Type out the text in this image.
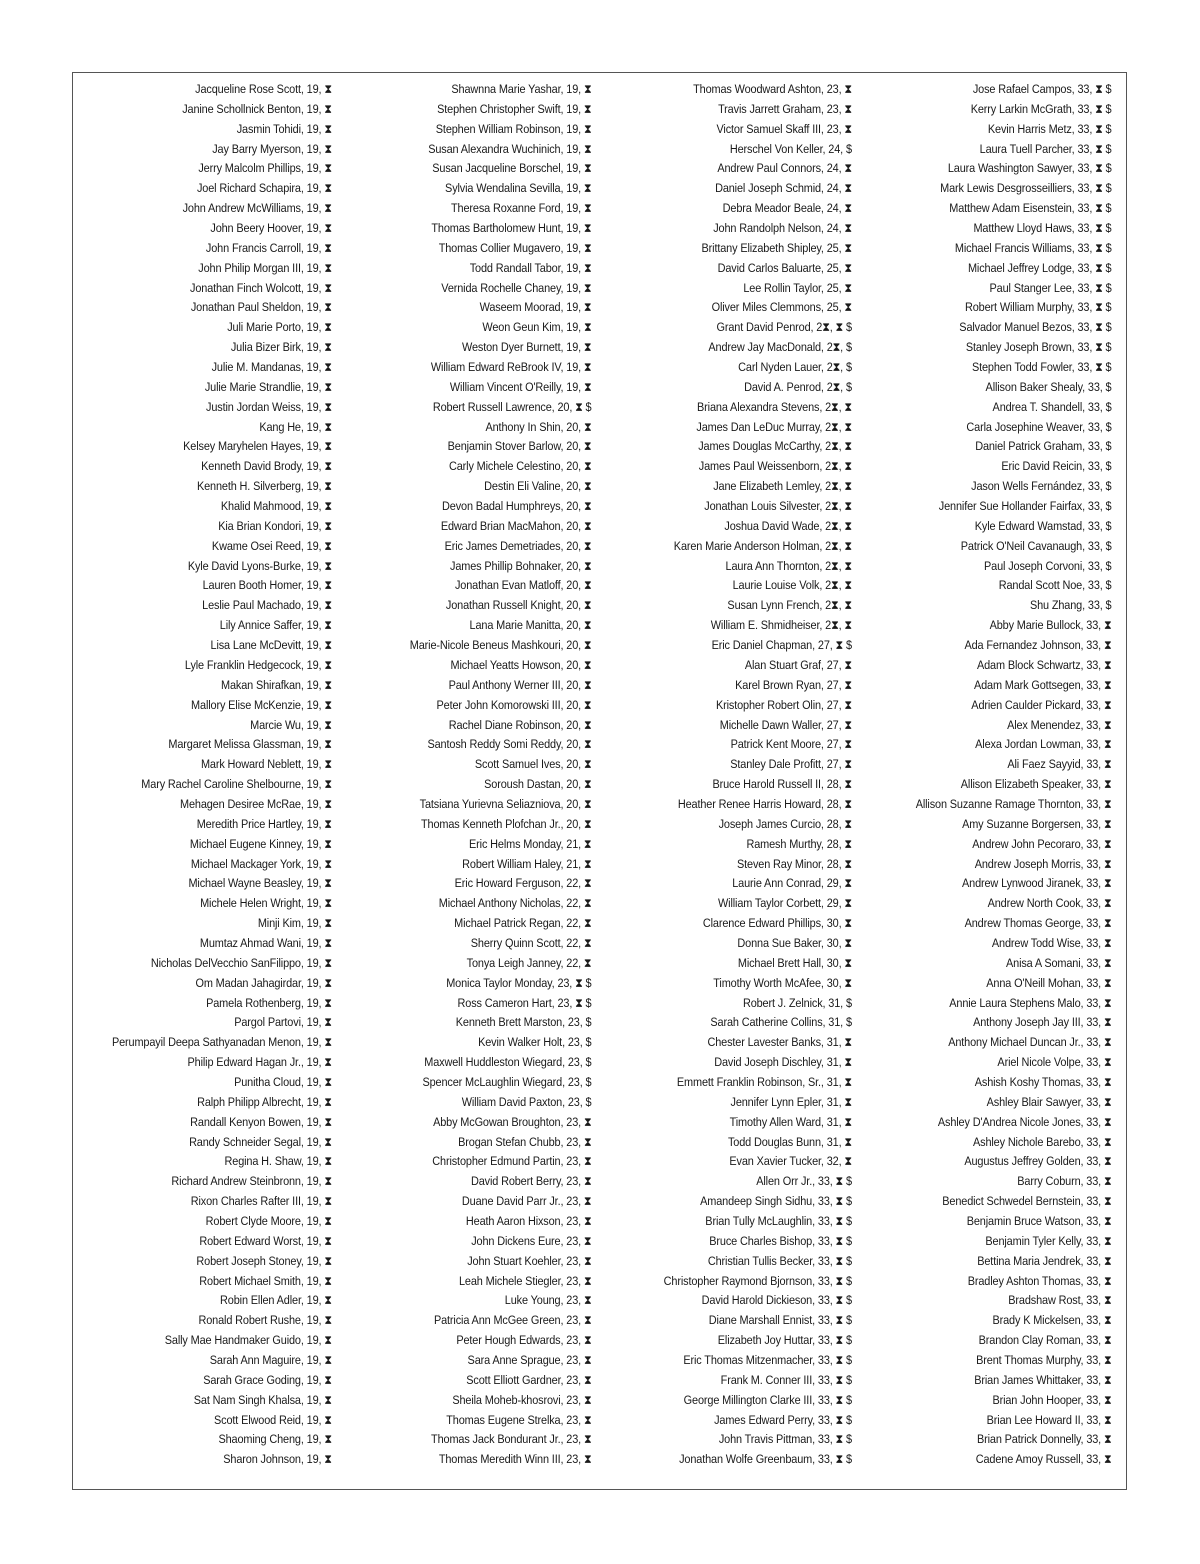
Jacqueline Rose Scott, 19, ⧗
Janine Schollnick Benton, 19, ⧗
Jasmin Tohidi, 19, ⧗
Jay Barry Myerson, 19, ⧗
Jerry Malcolm Phillips, 19, ⧗
Joel Richard Schapira, 19, ⧗
John Andrew McWilliams, 19, ⧗
John Beery Hoover, 19, ⧗
John Francis Carroll, 19, ⧗
John Philip Morgan III, 19, ⧗
Jonathan Finch Wolcott, 19, ⧗
Jonathan Paul Sheldon, 19, ⧗
Juli Marie Porto, 19, ⧗
Julia Bizer Birk, 19, ⧗
Julie M. Mandanas, 19, ⧗
Julie Marie Strandlie, 19, ⧗
Justin Jordan Weiss, 19, ⧗
Kang He, 19, ⧗
Kelsey Maryhelen Hayes, 19, ⧗
Kenneth David Brody, 19, ⧗
Kenneth H. Silverberg, 19, ⧗
Khalid Mahmood, 19, ⧗
Kia Brian Kondori, 19, ⧗
Kwame Osei Reed, 19, ⧗
Kyle David Lyons-Burke, 19, ⧗
Lauren Booth Homer, 19, ⧗
Leslie Paul Machado, 19, ⧗
Lily Annice Saffer, 19, ⧗
Lisa Lane McDevitt, 19, ⧗
Lyle Franklin Hedgecock, 19, ⧗
Makan Shirafkan, 19, ⧗
Mallory Elise McKenzie, 19, ⧗
Marcie Wu, 19, ⧗
Margaret Melissa Glassman, 19, ⧗
Mark Howard Neblett, 19, ⧗
Mary Rachel Caroline Shelbourne, 19, ⧗
Mehagen Desiree McRae, 19, ⧗
Meredith Price Hartley, 19, ⧗
Michael Eugene Kinney, 19, ⧗
Michael Mackager York, 19, ⧗
Michael Wayne Beasley, 19, ⧗
Michele Helen Wright, 19, ⧗
Minji Kim, 19, ⧗
Mumtaz Ahmad Wani, 19, ⧗
Nicholas DelVecchio SanFilippo, 19, ⧗
Om Madan Jahagirdar, 19, ⧗
Pamela Rothenberg, 19, ⧗
Pargol Partovi, 19, ⧗
Perumpayil Deepa Sathyanadan Menon, 19, ⧗
Philip Edward Hagan Jr., 19, ⧗
Punitha Cloud, 19, ⧗
Ralph Philipp Albrecht, 19, ⧗
Randall Kenyon Bowen, 19, ⧗
Randy Schneider Segal, 19, ⧗
Regina H. Shaw, 19, ⧗
Richard Andrew Steinbronn, 19, ⧗
Rixon Charles Rafter III, 19, ⧗
Robert Clyde Moore, 19, ⧗
Robert Edward Worst, 19, ⧗
Robert Joseph Stoney, 19, ⧗
Robert Michael Smith, 19, ⧗
Robin Ellen Adler, 19, ⧗
Ronald Robert Rushe, 19, ⧗
Sally Mae Handmaker Guido, 19, ⧗
Sarah Ann Maguire, 19, ⧗
Sarah Grace Goding, 19, ⧗
Sat Nam Singh Khalsa, 19, ⧗
Scott Elwood Reid, 19, ⧗
Shaoming Cheng, 19, ⧗
Sharon Johnson, 19, ⧗
Shawnna Marie Yashar, 19, ⧗
Stephen Christopher Swift, 19, ⧗
Stephen William Robinson, 19, ⧗
Susan Alexandra Wuchinich, 19, ⧗
Susan Jacqueline Borschel, 19, ⧗
Sylvia Wendalina Sevilla, 19, ⧗
Theresa Roxanne Ford, 19, ⧗
Thomas Bartholomew Hunt, 19, ⧗
Thomas Collier Mugavero, 19, ⧗
Todd Randall Tabor, 19, ⧗
Vernida Rochelle Chaney, 19, ⧗
Waseem Moorad, 19, ⧗
Weon Geun Kim, 19, ⧗
Weston Dyer Burnett, 19, ⧗
William Edward ReBrook IV, 19, ⧗
William Vincent O'Reilly, 19, ⧗
Robert Russell Lawrence, 20, ⧗ $
Anthony In Shin, 20, ⧗
Benjamin Stover Barlow, 20, ⧗
Carly Michele Celestino, 20, ⧗
Destin Eli Valine, 20, ⧗
Devon Badal Humphreys, 20, ⧗
Edward Brian MacMahon, 20, ⧗
Eric James Demetriades, 20, ⧗
James Phillip Bohnaker, 20, ⧗
Jonathan Evan Matloff, 20, ⧗
Jonathan Russell Knight, 20, ⧗
Lana Marie Manitta, 20, ⧗
Marie-Nicole Beneus Mashkouri, 20, ⧗
Michael Yeatts Howson, 20, ⧗
Paul Anthony Werner III, 20, ⧗
Peter John Komorowski III, 20, ⧗
Rachel Diane Robinson, 20, ⧗
Santosh Reddy Somi Reddy, 20, ⧗
Scott Samuel Ives, 20, ⧗
Soroush Dastan, 20, ⧗
Tatsiana Yurievna Seliazniova, 20, ⧗
Thomas Kenneth Plofchan Jr., 20, ⧗
Eric Helms Monday, 21, ⧗
Robert William Haley, 21, ⧗
Eric Howard Ferguson, 22, ⧗
Michael Anthony Nicholas, 22, ⧗
Michael Patrick Regan, 22, ⧗
Sherry Quinn Scott, 22, ⧗
Tonya Leigh Janney, 22, ⧗
Monica Taylor Monday, 23, ⧗ $
Ross Cameron Hart, 23, ⧗ $
Kenneth Brett Marston, 23, $
Kevin Walker Holt, 23, $
Maxwell Huddleston Wiegard, 23, $
Spencer McLaughlin Wiegard, 23, $
William David Paxton, 23, $
Abby McGowan Broughton, 23, ⧗
Brogan Stefan Chubb, 23, ⧗
Christopher Edmund Partin, 23, ⧗
David Robert Berry, 23, ⧗
Duane David Parr Jr., 23, ⧗
Heath Aaron Hixson, 23, ⧗
John Dickens Eure, 23, ⧗
John Stuart Koehler, 23, ⧗
Leah Michele Stiegler, 23, ⧗
Luke Young, 23, ⧗
Patricia Ann McGee Green, 23, ⧗
Peter Hough Edwards, 23, ⧗
Sara Anne Sprague, 23, ⧗
Scott Elliott Gardner, 23, ⧗
Sheila Moheb-khosrovi, 23, ⧗
Thomas Eugene Strelka, 23, ⧗
Thomas Jack Bondurant Jr., 23, ⧗
Thomas Meredith Winn III, 23, ⧗
Thomas Woodward Ashton, 23, ⧗
Travis Jarrett Graham, 23, ⧗
Victor Samuel Skaff III, 23, ⧗
Herschel Von Keller, 24, $
Andrew Paul Connors, 24, ⧗
Daniel Joseph Schmid, 24, ⧗
Debra Meador Beale, 24, ⧗
John Randolph Nelson, 24, ⧗
Brittany Elizabeth Shipley, 25, ⧗
David Carlos Baluarte, 25, ⧗
Lee Rollin Taylor, 25, ⧗
Oliver Miles Clemmons, 25, ⧗
Grant David Penrod, 2⧗, ⧗ $
Andrew Jay MacDonald, 2⧗, $
Carl Nyden Lauer, 2⧗, $
David A. Penrod, 2⧗, $
Briana Alexandra Stevens, 2⧗, ⧗
James Dan LeDuc Murray, 2⧗, ⧗
James Douglas McCarthy, 2⧗, ⧗
James Paul Weissenborn, 2⧗, ⧗
Jane Elizabeth Lemley, 2⧗, ⧗
Jonathan Louis Silvester, 2⧗, ⧗
Joshua David Wade, 2⧗, ⧗
Karen Marie Anderson Holman, 2⧗, ⧗
Laura Ann Thornton, 2⧗, ⧗
Laurie Louise Volk, 2⧗, ⧗
Susan Lynn French, 2⧗, ⧗
William E. Shmidheiser, 2⧗, ⧗
Eric Daniel Chapman, 27, ⧗ $
Alan Stuart Graf, 27, ⧗
Karel Brown Ryan, 27, ⧗
Kristopher Robert Olin, 27, ⧗
Michelle Dawn Waller, 27, ⧗
Patrick Kent Moore, 27, ⧗
Stanley Dale Profitt, 27, ⧗
Bruce Harold Russell II, 28, ⧗
Heather Renee Harris Howard, 28, ⧗
Joseph James Curcio, 28, ⧗
Ramesh Murthy, 28, ⧗
Steven Ray Minor, 28, ⧗
Laurie Ann Conrad, 29, ⧗
William Taylor Corbett, 29, ⧗
Clarence Edward Phillips, 30, ⧗
Donna Sue Baker, 30, ⧗
Michael Brett Hall, 30, ⧗
Timothy Worth McAfee, 30, ⧗
Robert J. Zelnick, 31, $
Sarah Catherine Collins, 31, $
Chester Lavester Banks, 31, ⧗
David Joseph Dischley, 31, ⧗
Emmett Franklin Robinson, Sr., 31, ⧗
Jennifer Lynn Epler, 31, ⧗
Timothy Allen Ward, 31, ⧗
Todd Douglas Bunn, 31, ⧗
Evan Xavier Tucker, 32, ⧗
Allen Orr Jr., 33, ⧗ $
Amandeep Singh Sidhu, 33, ⧗ $
Brian Tully McLaughlin, 33, ⧗ $
Bruce Charles Bishop, 33, ⧗ $
Christian Tullis Becker, 33, ⧗ $
Christopher Raymond Bjornson, 33, ⧗ $
David Harold Dickieson, 33, ⧗ $
Diane Marshall Ennist, 33, ⧗ $
Elizabeth Joy Huttar, 33, ⧗ $
Eric Thomas Mitzenmacher, 33, ⧗ $
Frank M. Conner III, 33, ⧗ $
George Millington Clarke III, 33, ⧗ $
James Edward Perry, 33, ⧗ $
John Travis Pittman, 33, ⧗ $
Jonathan Wolfe Greenbaum, 33, ⧗ $
Jose Rafael Campos, 33, ⧗ $
Kerry Larkin McGrath, 33, ⧗ $
Kevin Harris Metz, 33, ⧗ $
Laura Tuell Parcher, 33, ⧗ $
Laura Washington Sawyer, 33, ⧗ $
Mark Lewis Desgrosseilliers, 33, ⧗ $
Matthew Adam Eisenstein, 33, ⧗ $
Matthew Lloyd Haws, 33, ⧗ $
Michael Francis Williams, 33, ⧗ $
Michael Jeffrey Lodge, 33, ⧗ $
Paul Stanger Lee, 33, ⧗ $
Robert William Murphy, 33, ⧗ $
Salvador Manuel Bezos, 33, ⧗ $
Stanley Joseph Brown, 33, ⧗ $
Stephen Todd Fowler, 33, ⧗ $
Allison Baker Shealy, 33, $
Andrea T. Shandell, 33, $
Carla Josephine Weaver, 33, $
Daniel Patrick Graham, 33, $
Eric David Reicin, 33, $
Jason Wells Fernández, 33, $
Jennifer Sue Hollander Fairfax, 33, $
Kyle Edward Wamstad, 33, $
Patrick O'Neil Cavanaugh, 33, $
Paul Joseph Corνoni, 33, $
Randal Scott Noe, 33, $
Shu Zhang, 33, $
Abby Marie Bullock, 33, ⧗
Ada Fernandez Johnson, 33, ⧗
Adam Block Schwartz, 33, ⧗
Adam Mark Gottsegen, 33, ⧗
Adrien Caulder Pickard, 33, ⧗
Alex Menendez, 33, ⧗
Alexa Jordan Lowman, 33, ⧗
Ali Faez Sayyid, 33, ⧗
Allison Elizabeth Speaker, 33, ⧗
Allison Suzanne Ramage Thornton, 33, ⧗
Amy Suzanne Borgersen, 33, ⧗
Andrew John Pecoraro, 33, ⧗
Andrew Joseph Morris, 33, ⧗
Andrew Lynwood Jiranek, 33, ⧗
Andrew North Cook, 33, ⧗
Andrew Thomas George, 33, ⧗
Andrew Todd Wise, 33, ⧗
Anisa A Somani, 33, ⧗
Anna O'Neill Mohan, 33, ⧗
Annie Laura Stephens Malo, 33, ⧗
Anthony Joseph Jay III, 33, ⧗
Anthony Michael Duncan Jr., 33, ⧗
Ariel Nicole Volpe, 33, ⧗
Ashish Koshy Thomas, 33, ⧗
Ashley Blair Sawyer, 33, ⧗
Ashley D'Andrea Nicole Jones, 33, ⧗
Ashley Nichole Barebo, 33, ⧗
Augustus Jeffrey Golden, 33, ⧗
Barry Coburn, 33, ⧗
Benedict Schwedel Bernstein, 33, ⧗
Benjamin Bruce Watson, 33, ⧗
Benjamin Tyler Kelly, 33, ⧗
Bettina Maria Jendrek, 33, ⧗
Bradley Ashton Thomas, 33, ⧗
Bradshaw Rost, 33, ⧗
Brady K Mickelsen, 33, ⧗
Brandon Clay Roman, 33, ⧗
Brent Thomas Murphy, 33, ⧗
Brian James Whittaker, 33, ⧗
Brian John Hooper, 33, ⧗
Brian Lee Howard II, 33, ⧗
Brian Patrick Donnelly, 33, ⧗
Cadene Amoy Russell, 33, ⧗
